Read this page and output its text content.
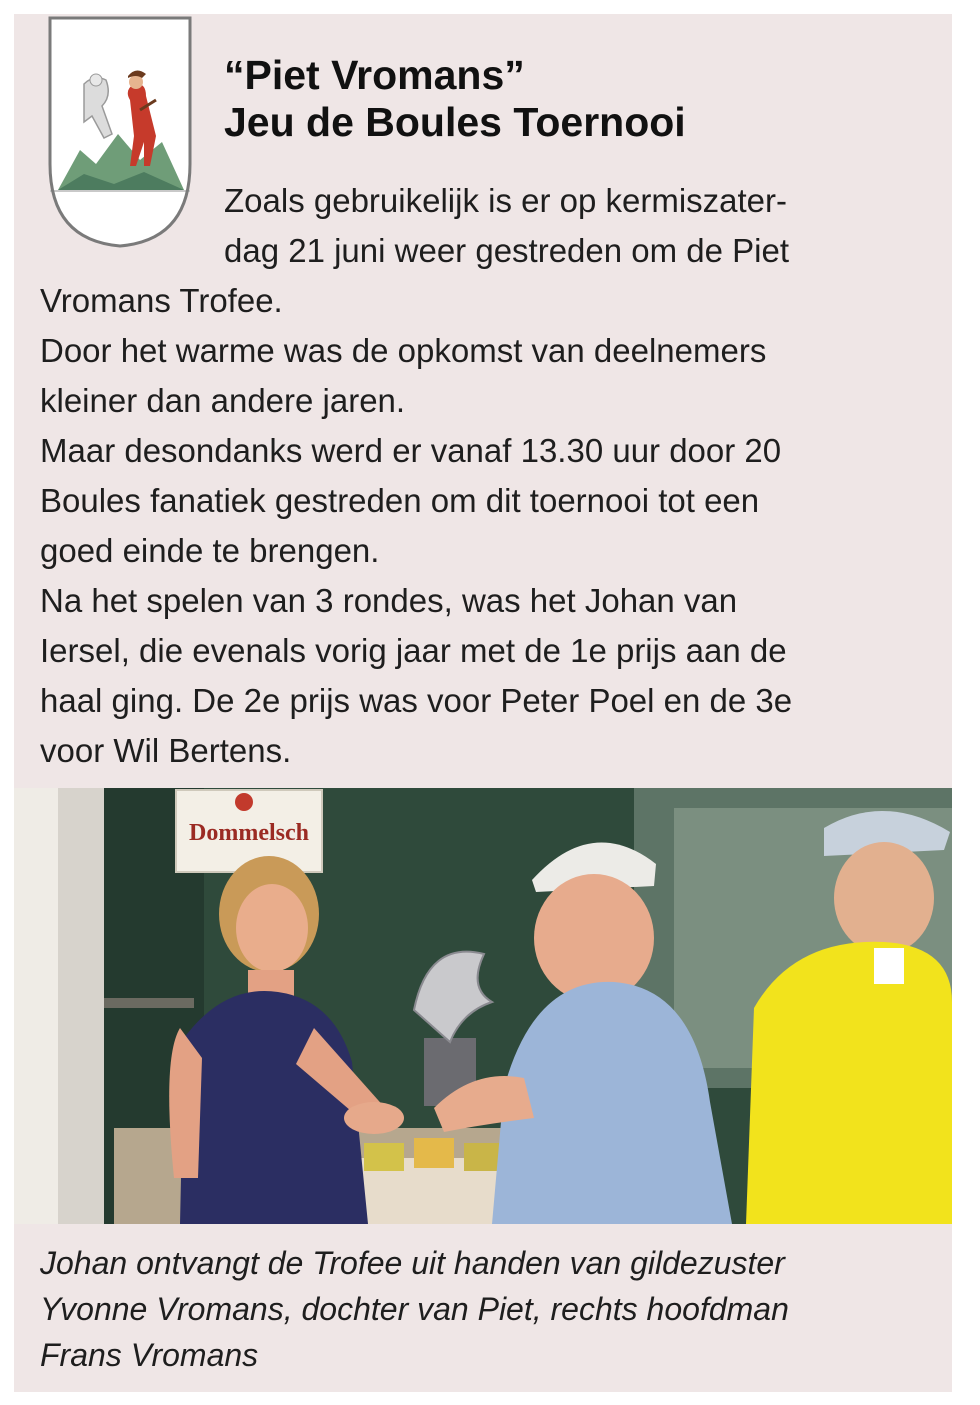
“Piet Vromans”
Jeu de Boules Toernooi

Zoals gebruikelijk is er op kermiszater-
dag 21 juni weer gestreden om de Piet
Vromans Trofee.

Door het warme was de opkomst van deelnemers
kleiner dan andere jaren.

Maar desondanks werd er vanaf 13.30 uur door 20
Boules fanatiek gestreden om dit toernooi tot een
goed einde te brengen.

Na het spelen van 3 rondes, was het Johan van
Iersel, die evenals vorig jaar met de 1e prijs aan de
haal ging. De 2e prijs was voor Peter Poel en de 3e
voor Wil Bertens.

Dommelsch
Johan ontvangt de Trofee uit handen van gildezuster
Yvonne Vromans, dochter van Piet, rechts hoofdman
Frans Vromans
